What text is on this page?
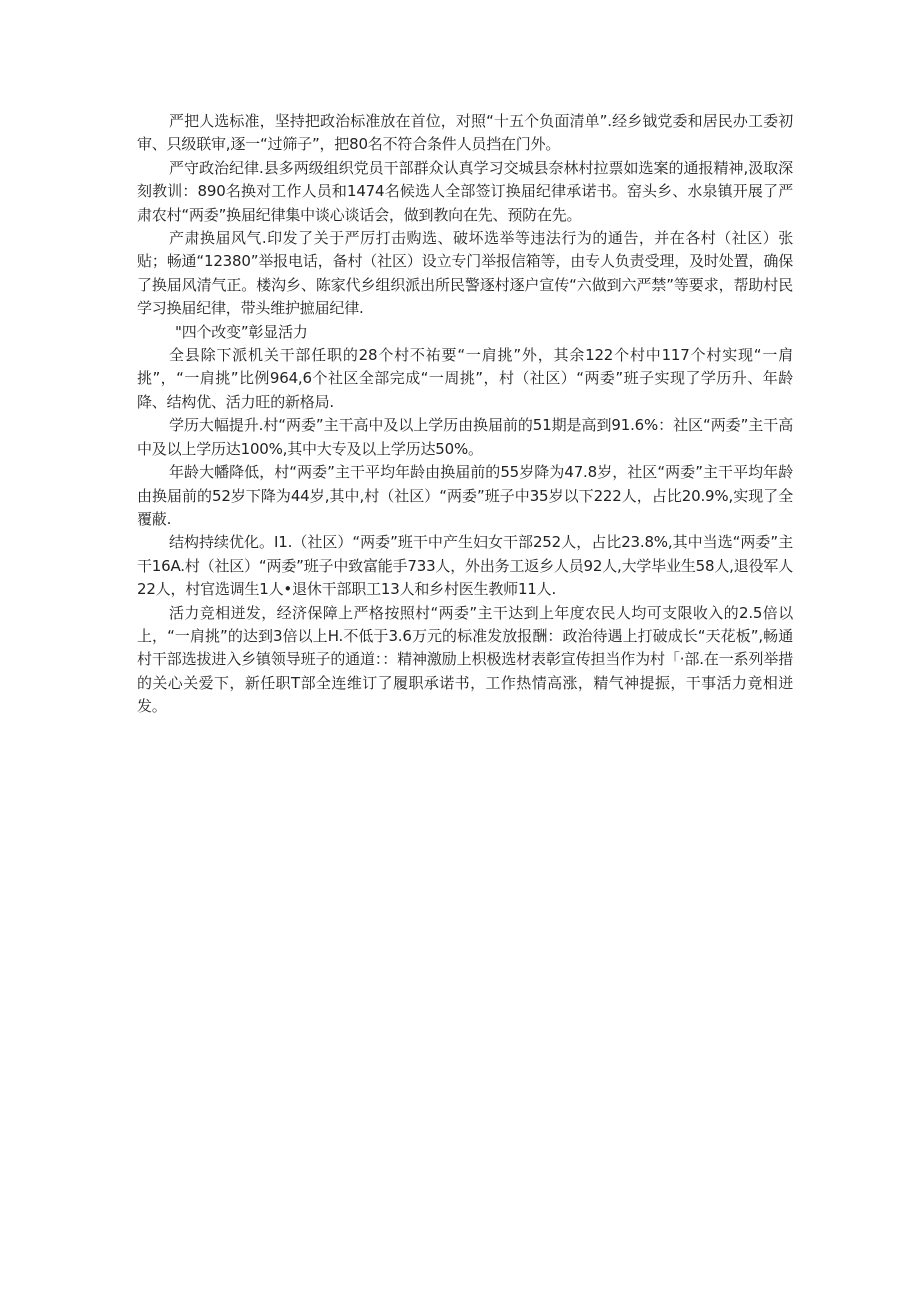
严把人选标准，坚持把政治标准放在首位，对照“十五个负面清单”.经乡钺党委和居民办工委初审、只级联审,逐一“过筛子”，把80名不符合条件人员挡在门外。

严守政治纪律.县多两级组织党员干部群众认真学习交城县奈林村拉票如选案的通报精神,汲取深刻教训：890名换对工作人员和1474名候选人全部签订换届纪律承诺书。窑头乡、水泉镇开展了严肃农村“两委”换届纪律集中谈心谈话会，做到教向在先、预防在先。

产肃换届风气.印发了关于严厉打击购选、破坏选举等违法行为的通告，并在各村（社区）张贴；畅通“12380”举报电话，备村（社区）设立专门举报信箱等，由专人负责受理，及时处置，确保了换届风清气正。楼沟乡、陈家代乡组织派出所民警逐村逐户宣传“六做到六严禁”等要求，帮助村民学习换届纪律，带头维护摭届纪律.

"四个改变”彰显活力

全县除下派机关干部任职的28个村不祐要“一肩挑”外，其余122个村中117个村实现“一肩挑”，“一肩挑”比例964,6个社区全部完成“一周挑”，村（社区）“两委”班子实现了学历升、年龄降、结构优、活力旺的新格局.

学历大幅提升.村“两委”主干高中及以上学历由换届前的51期是高到91.6%：社区“两委”主干高中及以上学历达100%,其中大专及以上学历达50%。

年龄大幡降低，村“两委”主干平均年龄由换届前的55岁降为47.8岁，社区“两委”主干平均年龄由换届前的52岁下降为44岁,其中,村（社区）“两委”班子中35岁以下222人，占比20.9%,实现了全覆蔽.

结构持续优化。I1.（社区）“两委”班干中产生妇女干部252人，占比23.8%,其中当选“两委”主干16A.村（社区）“两委”班子中致富能手733人，外出务工返乡人员92人,大学毕业生58人,退役军人22人，村官选调生1人•退休干部职工13人和乡村医生教师11人.

活力竞相迸发，经济保障上严格按照村“两委”主干达到上年度农民人均可支限收入的2.5倍以上，“一肩挑”的达到3倍以上H.不低于3.6万元的标准发放报酬：政治待遇上打破成长“天花板”,畅通村干部选拔进入乡镇领导班子的通道：：精神激励上枳极选材表彰宣传担当作为村「·部.在一系列举措的关心关爱下，新任职T部全连维订了履职承诺书，工作热情高涨，精气神提振，干事活力竟相迸发。
